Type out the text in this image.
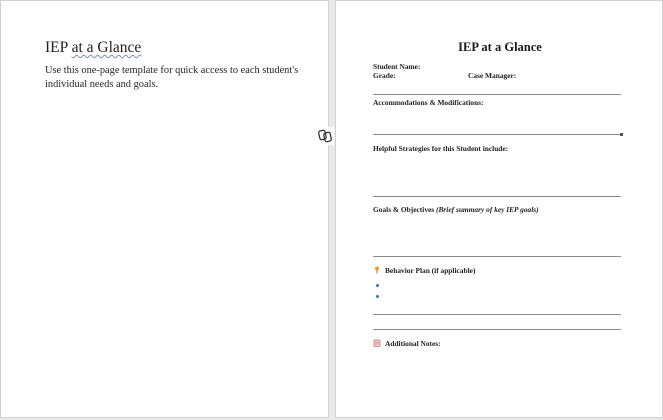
IEP at a Glance
Use this one-page template for quick access to each student's individual needs and goals.
IEP at a Glance
Student Name:
Grade:	Case Manager:
Accommodations & Modifications:
Helpful Strategies for this Student include:
Goals & Objectives (Brief summary of key IEP goals)
Behavior Plan (if applicable)
Additional Notes:
